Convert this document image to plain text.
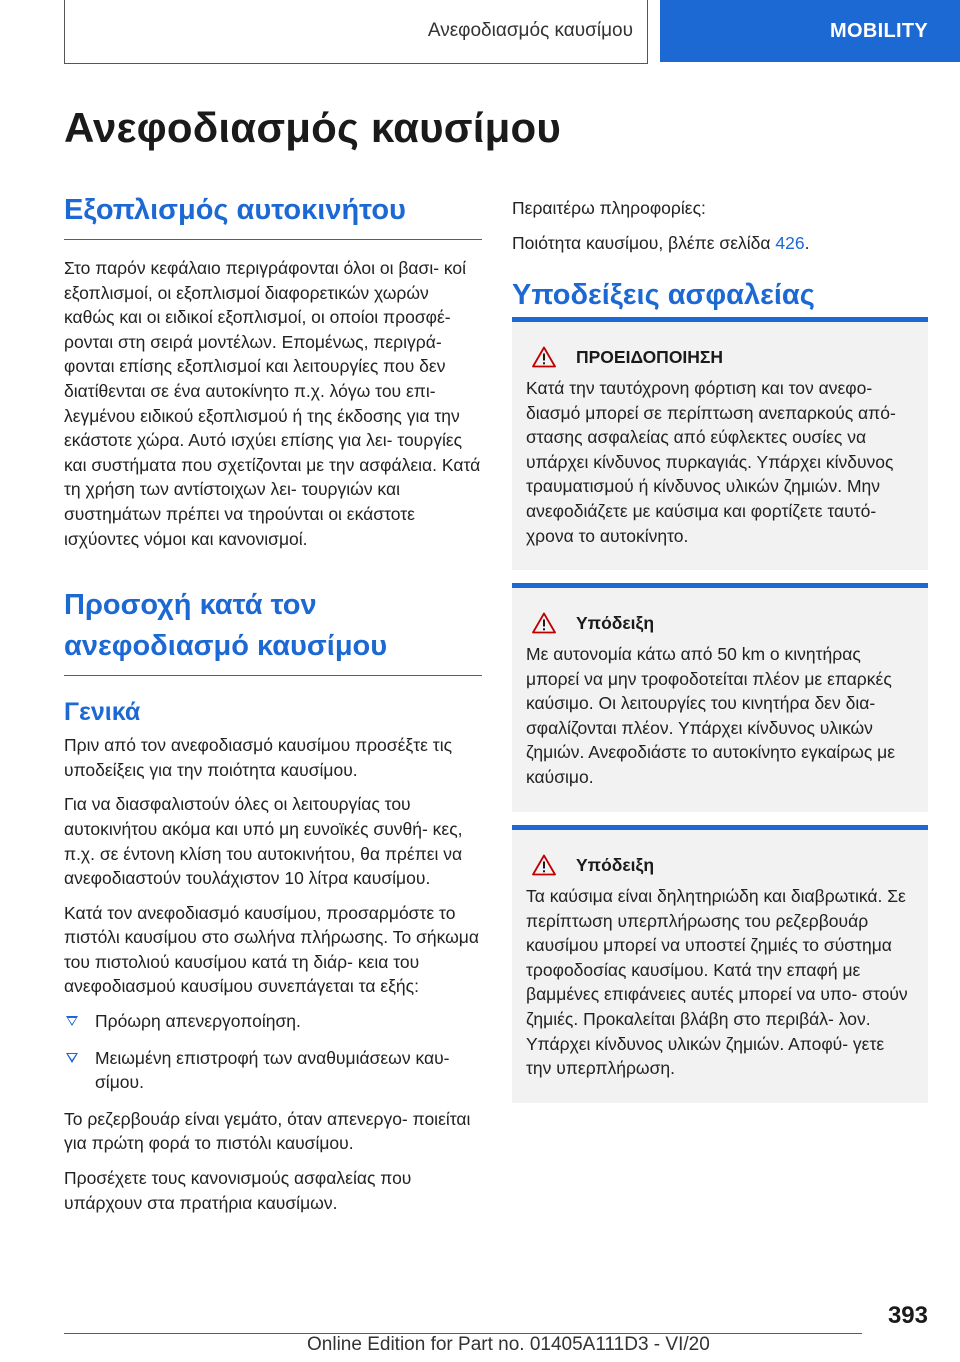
Ανεφοδιασμός καυσίμου	MOBILITY
Ανεφοδιασμός καυσίμου
Εξοπλισμός αυτοκινήτου

Στο παρόν κεφάλαιο περιγράφονται όλοι οι βασι‐ κοί εξοπλισμοί, οι εξοπλισμοί διαφορετικών χωρών καθώς και οι ειδικοί εξοπλισμοί, οι οποίοι προσφέ‐ ρονται στη σειρά μοντέλων. Επομένως, περιγρά‐ φονται επίσης εξοπλισμοί και λειτουργίες που δεν διατίθενται σε ένα αυτοκίνητο π.χ. λόγω του επι‐ λεγμένου ειδικού εξοπλισμού ή της έκδοσης για την εκάστοτε χώρα. Αυτό ισχύει επίσης για λει‐ τουργίες και συστήματα που σχετίζονται με την ασφάλεια. Κατά τη χρήση των αντίστοιχων λει‐ τουργιών και συστημάτων πρέπει να τηρούνται οι εκάστοτε ισχύοντες νόμοι και κανονισμοί.

Προσοχή κατά τον ανεφοδιασμό καυσίμου
Γενικά

Πριν από τον ανεφοδιασμό καυσίμου προσέξτε τις υποδείξεις για την ποιότητα καυσίμου.

Για να διασφαλιστούν όλες οι λειτουργίας του αυτοκινήτου ακόμα και υπό μη ευνοϊκές συνθή‐ κες, π.χ. σε έντονη κλίση του αυτοκινήτου, θα πρέπει να ανεφοδιαστούν τουλάχιστον 10 λίτρα καυσίμου.

Κατά τον ανεφοδιασμό καυσίμου, προσαρμόστε το πιστόλι καυσίμου στο σωλήνα πλήρωσης. Το σήκωμα του πιστολιού καυσίμου κατά τη διάρ‐ κεια του ανεφοδιασμού καυσίμου συνεπάγεται τα εξής:

Πρόωρη απενεργοποίηση.
Μειωμένη επιστροφή των αναθυμιάσεων καυ‐ σίμου.

Το ρεζερβουάρ είναι γεμάτο, όταν απενεργο‐ ποιείται για πρώτη φορά το πιστόλι καυσίμου.

Προσέχετε τους κανονισμούς ασφαλείας που υπάρχουν στα πρατήρια καυσίμων.

Περαιτέρω πληροφορίες:

Ποιότητα καυσίμου, βλέπε σελίδα 426.

Υποδείξεις ασφαλείας
ΠΡΟΕΙΔΟΠΟΙΗΣΗ
Κατά την ταυτόχρονη φόρτιση και τον ανεφο‐ διασμό μπορεί σε περίπτωση ανεπαρκούς από‐ στασης ασφαλείας από εύφλεκτες ουσίες να υπάρχει κίνδυνος πυρκαγιάς. Υπάρχει κίνδυνος τραυματισμού ή κίνδυνος υλικών ζημιών. Μην ανεφοδιάζετε με καύσιμα και φορτίζετε ταυτό‐ χρονα το αυτοκίνητο.
Υπόδειξη
Με αυτονομία κάτω από 50 km ο κινητήρας μπορεί να μην τροφοδοτείται πλέον με επαρκές καύσιμο. Οι λειτουργίες του κινητήρα δεν δια‐ σφαλίζονται πλέον. Υπάρχει κίνδυνος υλικών ζημιών. Ανεφοδιάστε το αυτοκίνητο εγκαίρως με καύσιμο.
Υπόδειξη
Τα καύσιμα είναι δηλητηριώδη και διαβρωτικά. Σε περίπτωση υπερπλήρωσης του ρεζερβουάρ καυσίμου μπορεί να υποστεί ζημιές το σύστημα τροφοδοσίας καυσίμου. Κατά την επαφή με βαμμένες επιφάνειες αυτές μπορεί να υπο‐ στούν ζημιές. Προκαλείται βλάβη στο περιβάλ‐ λον. Υπάρχει κίνδυνος υλικών ζημιών. Αποφύ‐ γετε την υπερπλήρωση.
393
Online Edition for Part no. 01405A111D3 - VI/20
